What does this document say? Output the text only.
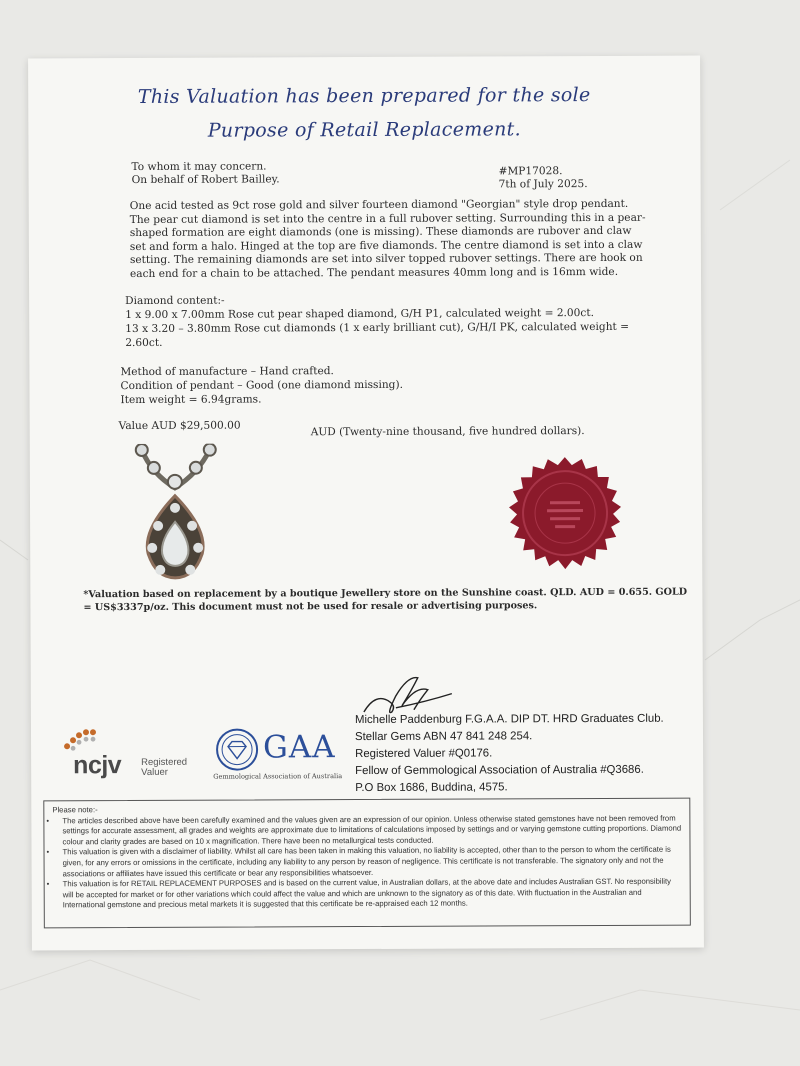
This Valuation has been prepared for the sole
Purpose of Retail Replacement.
To whom it may concern.
On behalf of Robert Bailley.
#MP17028.
7th of July 2025.
One acid tested as 9ct rose gold and silver fourteen diamond "Georgian" style drop pendant.
The pear cut diamond is set into the centre in a full rubover setting. Surrounding this in a pear-
shaped formation are eight diamonds (one is missing). These diamonds are rubover and claw
set and form a halo. Hinged at the top are five diamonds. The centre diamond is set into a claw
setting. The remaining diamonds are set into silver topped rubover settings. There are hook on
each end for a chain to be attached. The pendant measures 40mm long and is 16mm wide.
Diamond content:-
1 x 9.00 x 7.00mm Rose cut pear shaped diamond, G/H P1, calculated weight = 2.00ct.
13 x 3.20 – 3.80mm Rose cut diamonds (1 x early brilliant cut), G/H/I PK, calculated weight =
2.60ct.
Method of manufacture – Hand crafted.
Condition of pendant – Good (one diamond missing).
Item weight = 6.94grams.
Value AUD $29,500.00	AUD (Twenty-nine thousand, five hundred dollars).
*Valuation based on replacement by a boutique Jewellery store on the Sunshine coast. QLD. AUD = 0.655. GOLD
= US$3337p/oz. This document must not be used for resale or advertising purposes.
Michelle Paddenburg F.G.A.A. DIP DT. HRD Graduates Club.
Stellar Gems ABN 47 841 248 254.
Registered Valuer #Q0176.
Fellow of Gemmological Association of Australia #Q3686.
P.O Box 1686, Buddina, 4575.
ncjv Registered
Valuer
GAA
Gemmological Association of Australia
Please note:-
• The articles described above have been carefully examined and the values given are an expression of our opinion. Unless otherwise stated gemstones have not been removed from settings for accurate assessment, all grades and weights are approximate due to limitations of calculations imposed by settings and or varying gemstone cutting proportions. Diamond colour and clarity grades are based on 10 x magnification. There have been no metallurgical tests conducted.
• This valuation is given with a disclaimer of liability. Whilst all care has been taken in making this valuation, no liability is accepted, other than to the person to whom the certificate is given, for any errors or omissions in the certificate, including any liability to any person by reason of negligence. This certificate is not transferable. The signatory only and not the associations or affiliates have issued this certificate or bear any responsibilities whatsoever.
• This valuation is for RETAIL REPLACEMENT PURPOSES and is based on the current value, in Australian dollars, at the above date and includes Australian GST. No responsibility will be accepted for market or for other variations which could affect the value and which are unknown to the signatory as of this date. With fluctuation in the Australian and International gemstone and precious metal markets it is suggested that this certificate be re-appraised each 12 months.
